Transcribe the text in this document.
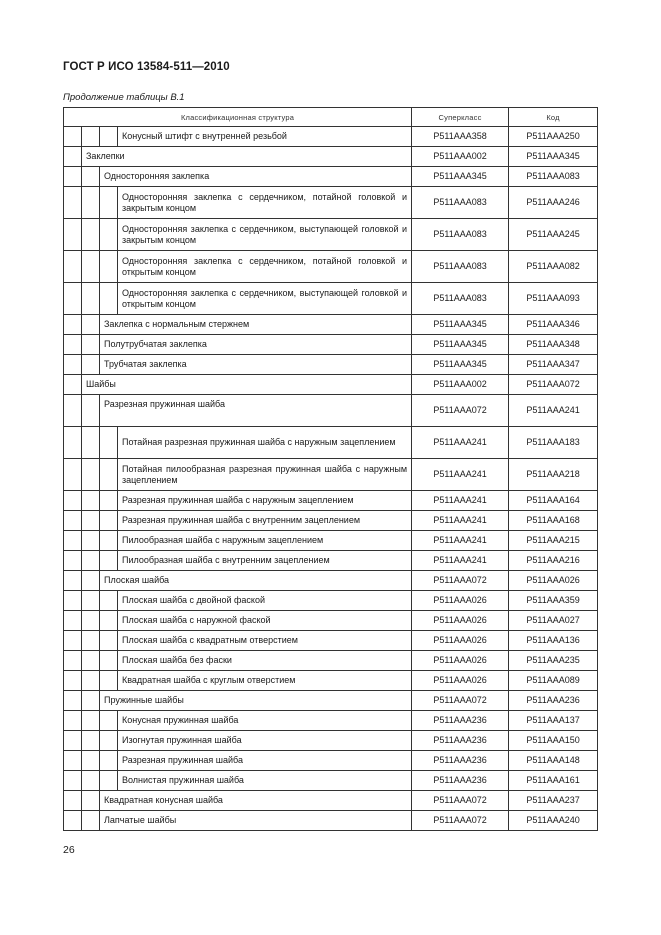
ГОСТ Р ИСО 13584-511—2010
Продолжение таблицы В.1
Классификационная структура				Суперкласс	Код
			Конусный штифт с внутренней резьбой	P511AAA358	P511AAA250
	Заклепки			P511AAA002	P511AAA345
		Односторонняя заклепка		P511AAA345	P511AAA083
			Односторонняя заклепка с сердечником, потайной головкой и закрытым концом	P511AAA083	P511AAA246
			Односторонняя заклепка с сердечником, выступающей головкой и закрытым концом	P511AAA083	P511AAA245
			Односторонняя заклепка с сердечником, потайной головкой и открытым концом	P511AAA083	P511AAA082
			Односторонняя заклепка с сердечником, выступающей головкой и открытым концом	P511AAA083	P511AAA093
		Заклепка с нормальным стержнем		P511AAA345	P511AAA346
		Полутрубчатая заклепка		P511AAA345	P511AAA348
		Трубчатая заклепка		P511AAA345	P511AAA347
	Шайбы			P511AAA002	P511AAA072
		Разрезная пружинная шайба		P511AAA072	P511AAA241
			Потайная разрезная пружинная шайба с наружным зацеплением	P511AAA241	P511AAA183
			Потайная пилообразная разрезная пружинная шайба с наружным зацеплением	P511AAA241	P511AAA218
			Разрезная пружинная шайба с наружным зацеплением	P511AAA241	P511AAA164
			Разрезная пружинная шайба с внутренним зацеплением	P511AAA241	P511AAA168
			Пилообразная шайба с наружным зацеплением	P511AAA241	P511AAA215
			Пилообразная шайба с внутренним зацеплением	P511AAA241	P511AAA216
		Плоская шайба		P511AAA072	P511AAA026
			Плоская шайба с двойной фаской	P511AAA026	P511AAA359
			Плоская шайба с наружной фаской	P511AAA026	P511AAA027
			Плоская шайба с квадратным отверстием	P511AAA026	P511AAA136
			Плоская шайба без фаски	P511AAA026	P511AAA235
			Квадратная шайба с круглым отверстием	P511AAA026	P511AAA089
		Пружинные шайбы		P511AAA072	P511AAA236
			Конусная пружинная шайба	P511AAA236	P511AAA137
			Изогнутая пружинная шайба	P511AAA236	P511AAA150
			Разрезная пружинная шайба	P511AAA236	P511AAA148
			Волнистая пружинная шайба	P511AAA236	P511AAA161
		Квадратная конусная шайба		P511AAA072	P511AAA237
		Лапчатые шайбы		P511AAA072	P511AAA240
26
